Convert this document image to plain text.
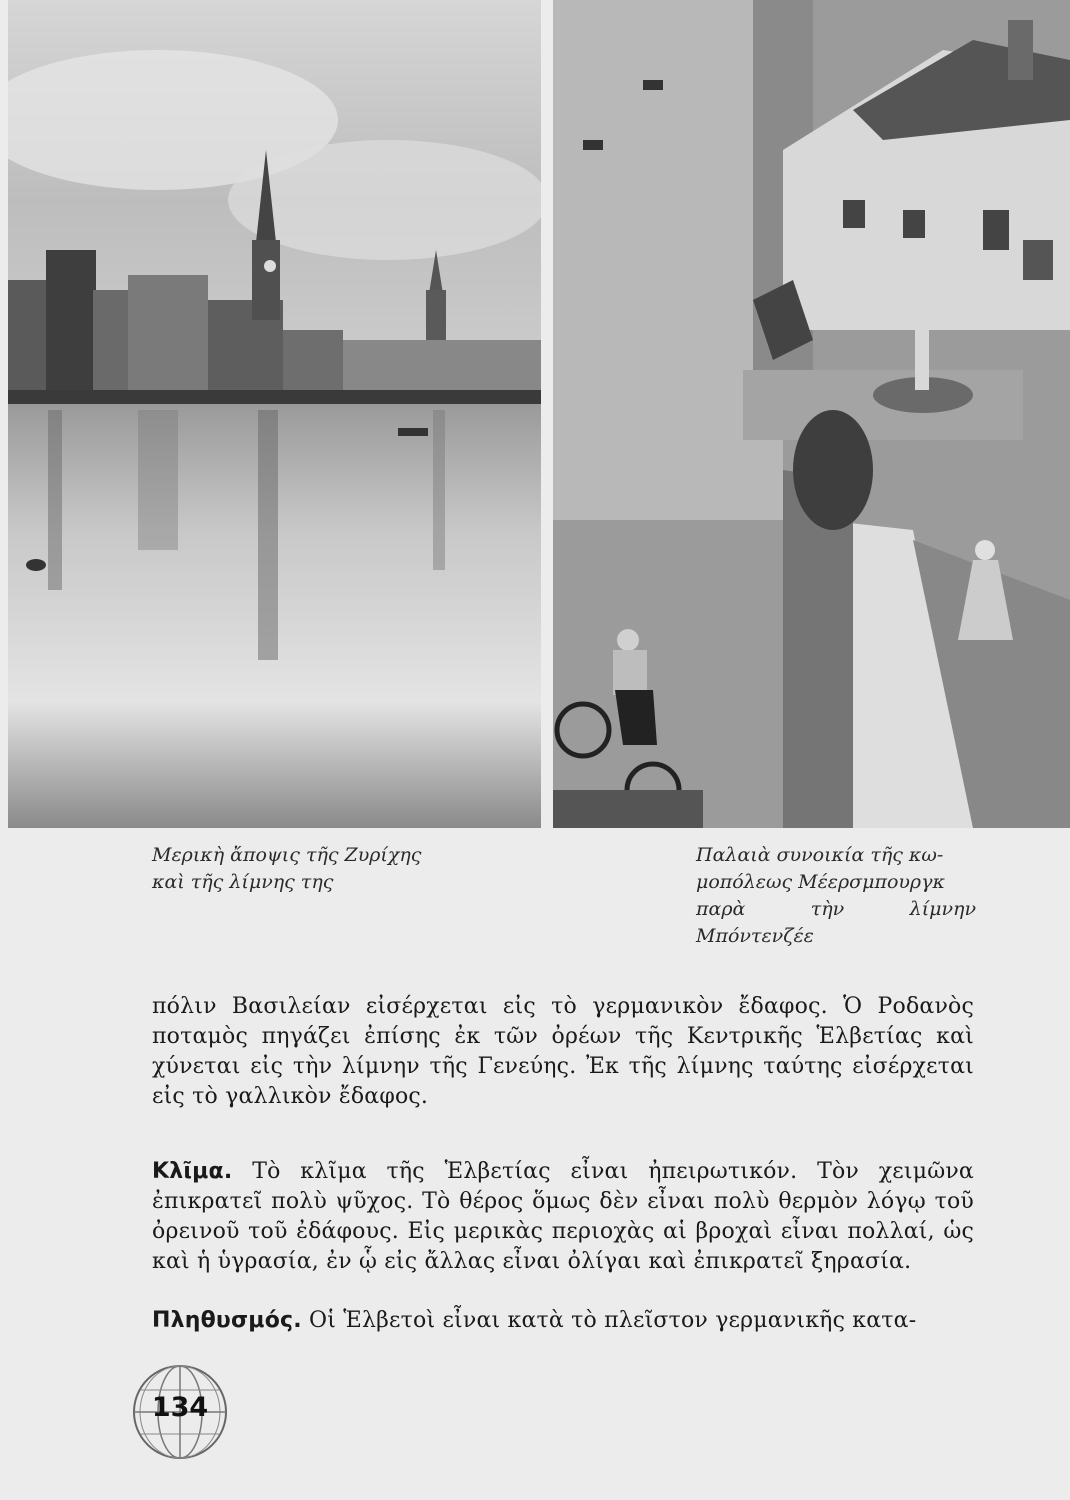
Μερικὴ ἄποψις τῆς Ζυρίχης
καὶ τῆς λίμνης της
Παλαιὰ συνοικία τῆς κω-
μοπόλεως Μέερσμπουργκ
παρὰ τὴν λίμνην Μπόντενζέε
πόλιν Βασιλείαν εἰσέρχεται εἰς τὸ γερμανικὸν ἔδαφος. Ὁ Ροδανὸς ποταμὸς πηγάζει ἐπίσης ἐκ τῶν ὀρέων τῆς Κεντρικῆς Ἑλβετίας καὶ χύνεται εἰς τὴν λίμνην τῆς Γενεύης. Ἐκ τῆς λίμνης ταύτης εἰσέρχεται εἰς τὸ γαλλικὸν ἔδαφος.
Κλῖμα. Τὸ κλῖμα τῆς Ἑλβετίας εἶναι ἠπειρωτικόν. Τὸν χειμῶνα ἐπικρατεῖ πολὺ ψῦχος. Τὸ θέρος ὅμως δὲν εἶναι πολὺ θερμὸν λόγῳ τοῦ ὀρεινοῦ τοῦ ἐδάφους. Εἰς μερικὰς περιοχὰς αἱ βροχαὶ εἶναι πολλαί, ὡς καὶ ἡ ὑγρασία, ἐν ᾧ εἰς ἄλλας εἶναι ὀλίγαι καὶ ἐπικρατεῖ ξηρασία.
Πληθυσμός. Οἱ Ἑλβετοὶ εἶναι κατὰ τὸ πλεῖστον γερμανικῆς κατα-
134
